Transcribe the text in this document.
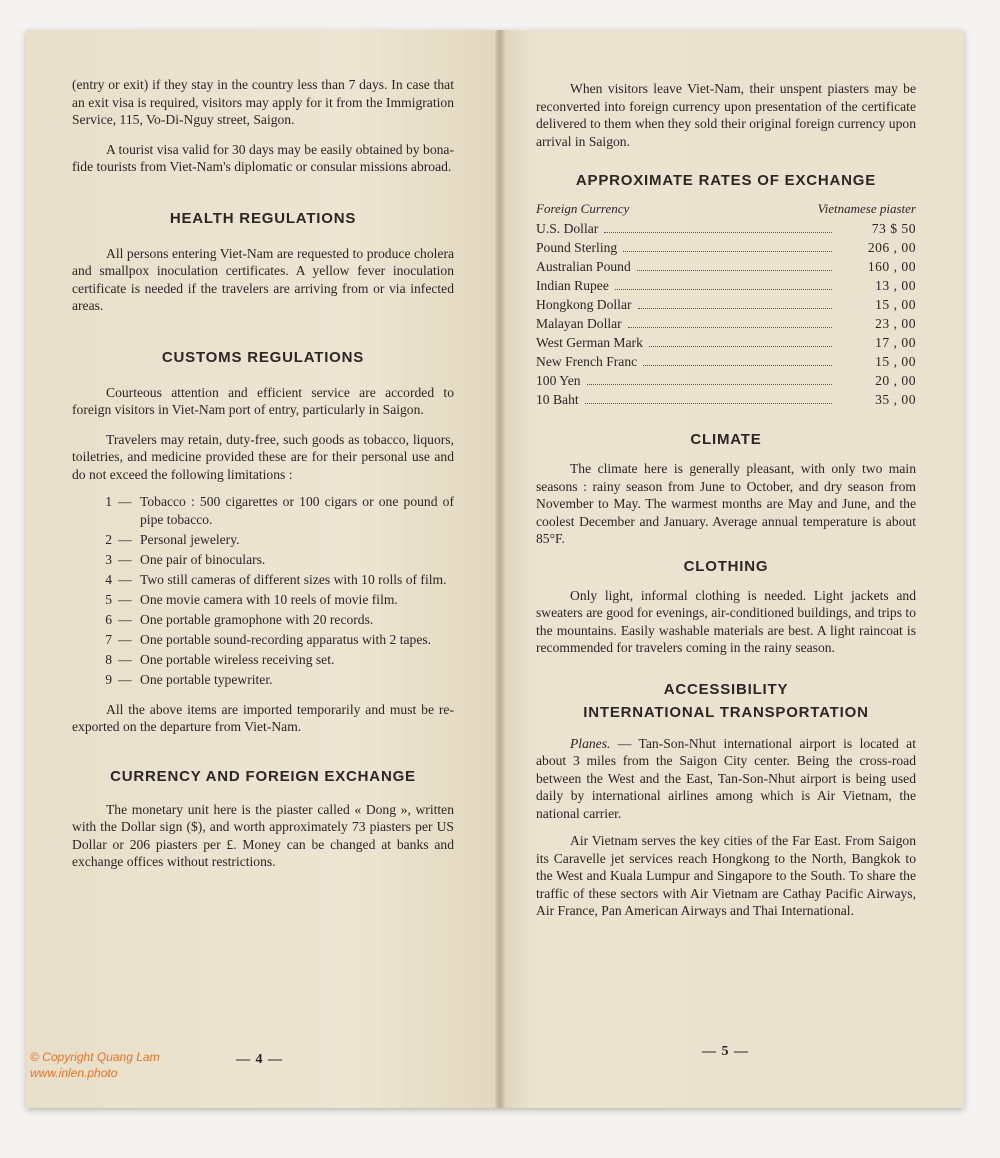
(entry or exit) if they stay in the country less than 7 days. In case that an exit visa is required, visitors may apply for it from the Immigration Service, 115, Vo-Di-Nguy street, Saigon.

A tourist visa valid for 30 days may be easily obtained by bona-fide tourists from Viet-Nam's diplomatic or consular missions abroad.

HEALTH REGULATIONS

All persons entering Viet-Nam are requested to produce cholera and smallpox inoculation certificates. A yellow fever inoculation certificate is needed if the travelers are arriving from or via infected areas.

CUSTOMS REGULATIONS

Courteous attention and efficient service are accorded to foreign visitors in Viet-Nam port of entry, particularly in Saigon.

Travelers may retain, duty-free, such goods as tobacco, liquors, toiletries, and medicine provided these are for their personal use and do not exceed the following limitations :

1 — Tobacco : 500 cigarettes or 100 cigars or one pound of pipe tobacco.
2 — Personal jewelery.
3 — One pair of binoculars.
4 — Two still cameras of different sizes with 10 rolls of film.
5 — One movie camera with 10 reels of movie film.
6 — One portable gramophone with 20 records.
7 — One portable sound-recording apparatus with 2 tapes.
8 — One portable wireless receiving set.
9 — One portable typewriter.

All the above items are imported temporarily and must be re-exported on the departure from Viet-Nam.

CURRENCY AND FOREIGN EXCHANGE

The monetary unit here is the piaster called « Dong », written with the Dollar sign ($), and worth approximately 73 piasters per US Dollar or 206 piasters per £. Money can be changed at banks and exchange offices without restrictions.

— 4 —

When visitors leave Viet-Nam, their unspent piasters may be reconverted into foreign currency upon presentation of the certificate delivered to them when they sold their original foreign currency upon arrival in Saigon.

APPROXIMATE RATES OF EXCHANGE
Foreign Currency	Vietnamese piaster
U.S. Dollar	73 $ 50
Pound Sterling	206 , 00
Australian Pound	160 , 00
Indian Rupee	13 , 00
Hongkong Dollar	15 , 00
Malayan Dollar	23 , 00
West German Mark	17 , 00
New French Franc	15 , 00
100 Yen	20 , 00
10 Baht	35 , 00
CLIMATE

The climate here is generally pleasant, with only two main seasons : rainy season from June to October, and dry season from November to May. The warmest months are May and June, and the coolest December and January. Average annual temperature is about 85°F.

CLOTHING

Only light, informal clothing is needed. Light jackets and sweaters are good for evenings, air-conditioned buildings, and trips to the mountains. Easily washable materials are best. A light raincoat is recommended for travelers coming in the rainy season.

ACCESSIBILITY
INTERNATIONAL TRANSPORTATION

Planes. — Tan-Son-Nhut international airport is located at about 3 miles from the Saigon City center. Being the cross-road between the West and the East, Tan-Son-Nhut airport is being used daily by international airlines among which is Air Vietnam, the national carrier.

Air Vietnam serves the key cities of the Far East. From Saigon its Caravelle jet services reach Hongkong to the North, Bangkok to the West and Kuala Lumpur and Singapore to the South. To share the traffic of these sectors with Air Vietnam are Cathay Pacific Airways, Air France, Pan American Airways and Thai International.

— 5 —
© Copyright Quang Lam
www.inlen.photo
